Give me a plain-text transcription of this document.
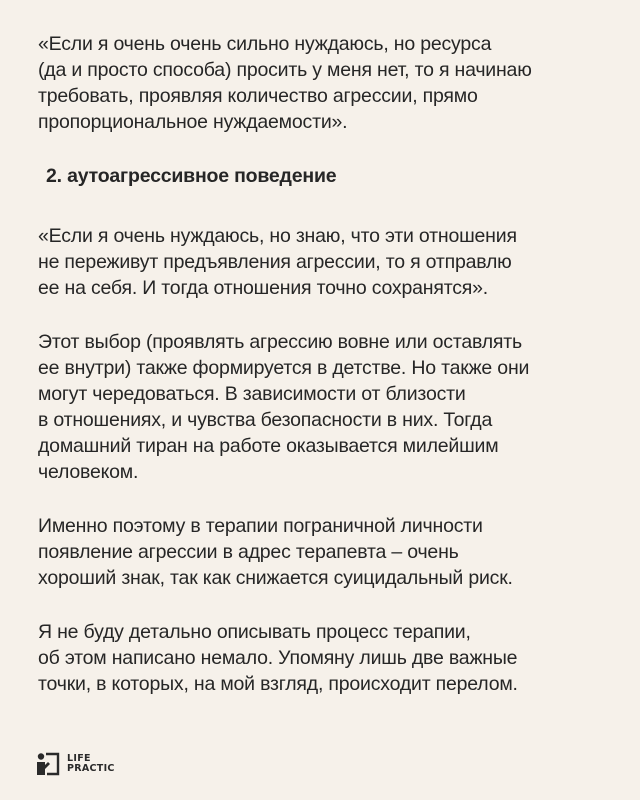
«Если я очень очень сильно нуждаюсь, но ресурса
(да и просто способа) просить у меня нет, то я начинаю
требовать, проявляя количество агрессии, прямо
пропорциональное нуждаемости».

2. аутоагрессивное поведение

«Если я очень нуждаюсь, но знаю, что эти отношения
не переживут предъявления агрессии, то я отправлю
ее на себя. И тогда отношения точно сохранятся».

Этот выбор (проявлять агрессию вовне или оставлять
ее внутри) также формируется в детстве. Но также они
могут чередоваться. В зависимости от близости
в отношениях, и чувства безопасности в них. Тогда
домашний тиран на работе оказывается милейшим
человеком.

Именно поэтому в терапии пограничной личности
появление агрессии в адрес терапевта – очень
хороший знак, так как снижается суицидальный риск.

Я не буду детально описывать процесс терапии,
об этом написано немало. Упомяну лишь две важные
точки, в которых, на мой взгляд, происходит перелом.

LIFE
PRACTIC
